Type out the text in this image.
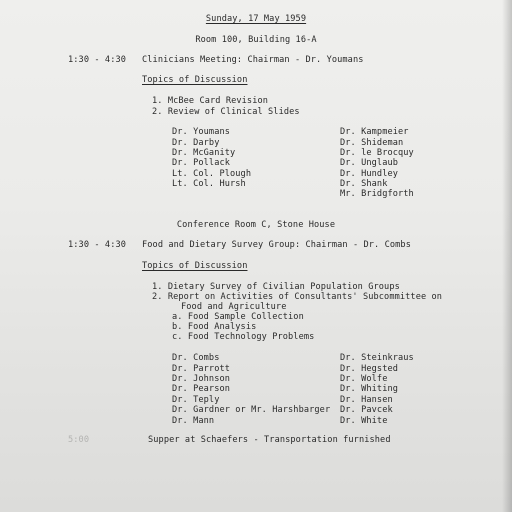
Sunday, 17 May 1959
Room 100, Building 16-A
1:30 - 4:30 Clinicians Meeting: Chairman - Dr. Youmans
Topics of Discussion
1. McBee Card Revision
2. Review of Clinical Slides
Dr. Youmans
Dr. Darby
Dr. McGanity
Dr. Pollack
Lt. Col. Plough
Lt. Col. Hursh
Dr. Kampmeier
Dr. Shideman
Dr. le Brocquy
Dr. Unglaub
Dr. Hundley
Dr. Shank
Mr. Bridgforth
Conference Room C, Stone House
1:30 - 4:30 Food and Dietary Survey Group: Chairman - Dr. Combs
Topics of Discussion
1. Dietary Survey of Civilian Population Groups
2. Report on Activities of Consultants' Subcommittee on
Food and Agriculture
a. Food Sample Collection
b. Food Analysis
c. Food Technology Problems
Dr. Combs
Dr. Parrott
Dr. Johnson
Dr. Pearson
Dr. Teply
Dr. Gardner or Mr. Harshbarger
Dr. Mann
Dr. Steinkraus
Dr. Hegsted
Dr. Wolfe
Dr. Whiting
Dr. Hansen
Dr. Pavcek
Dr. White
5:00	Supper at Schaefers - Transportation furnished
